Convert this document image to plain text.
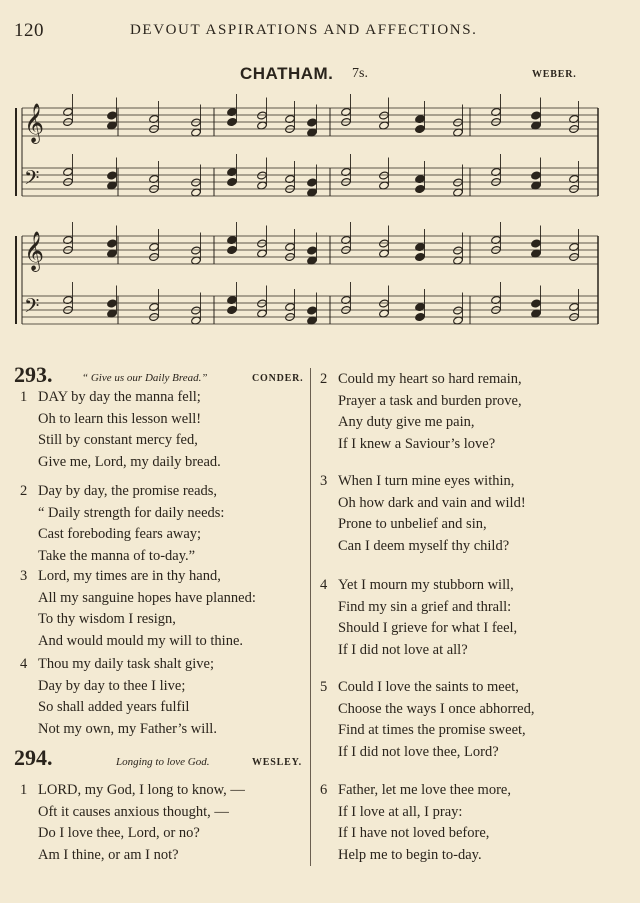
120	DEVOUT ASPIRATIONS AND AFFECTIONS.
CHATHAM. 7s.	WEBER.
𝄞
𝄢
𝄞
𝄢
293.	“ Give us our Daily Bread.”	CONDER.
1 DAY by day the manna fell;
Oh to learn this lesson well!
Still by constant mercy fed,
Give me, Lord, my daily bread.
2 Day by day, the promise reads,
“ Daily strength for daily needs:
Cast foreboding fears away;
Take the manna of to-day.”
3 Lord, my times are in thy hand,
All my sanguine hopes have planned:
To thy wisdom I resign,
And would mould my will to thine.
4 Thou my daily task shalt give;
Day by day to thee I live;
So shall added years fulfil
Not my own, my Father’s will.
294.	Longing to love God.	WESLEY.
1 LORD, my God, I long to know, —
Oft it causes anxious thought, —
Do I love thee, Lord, or no?
Am I thine, or am I not?
2 Could my heart so hard remain,
Prayer a task and burden prove,
Any duty give me pain,
If I knew a Saviour’s love?
3 When I turn mine eyes within,
Oh how dark and vain and wild!
Prone to unbelief and sin,
Can I deem myself thy child?
4 Yet I mourn my stubborn will,
Find my sin a grief and thrall:
Should I grieve for what I feel,
If I did not love at all?
5 Could I love the saints to meet,
Choose the ways I once abhorred,
Find at times the promise sweet,
If I did not love thee, Lord?
6 Father, let me love thee more,
If I love at all, I pray:
If I have not loved before,
Help me to begin to-day.
